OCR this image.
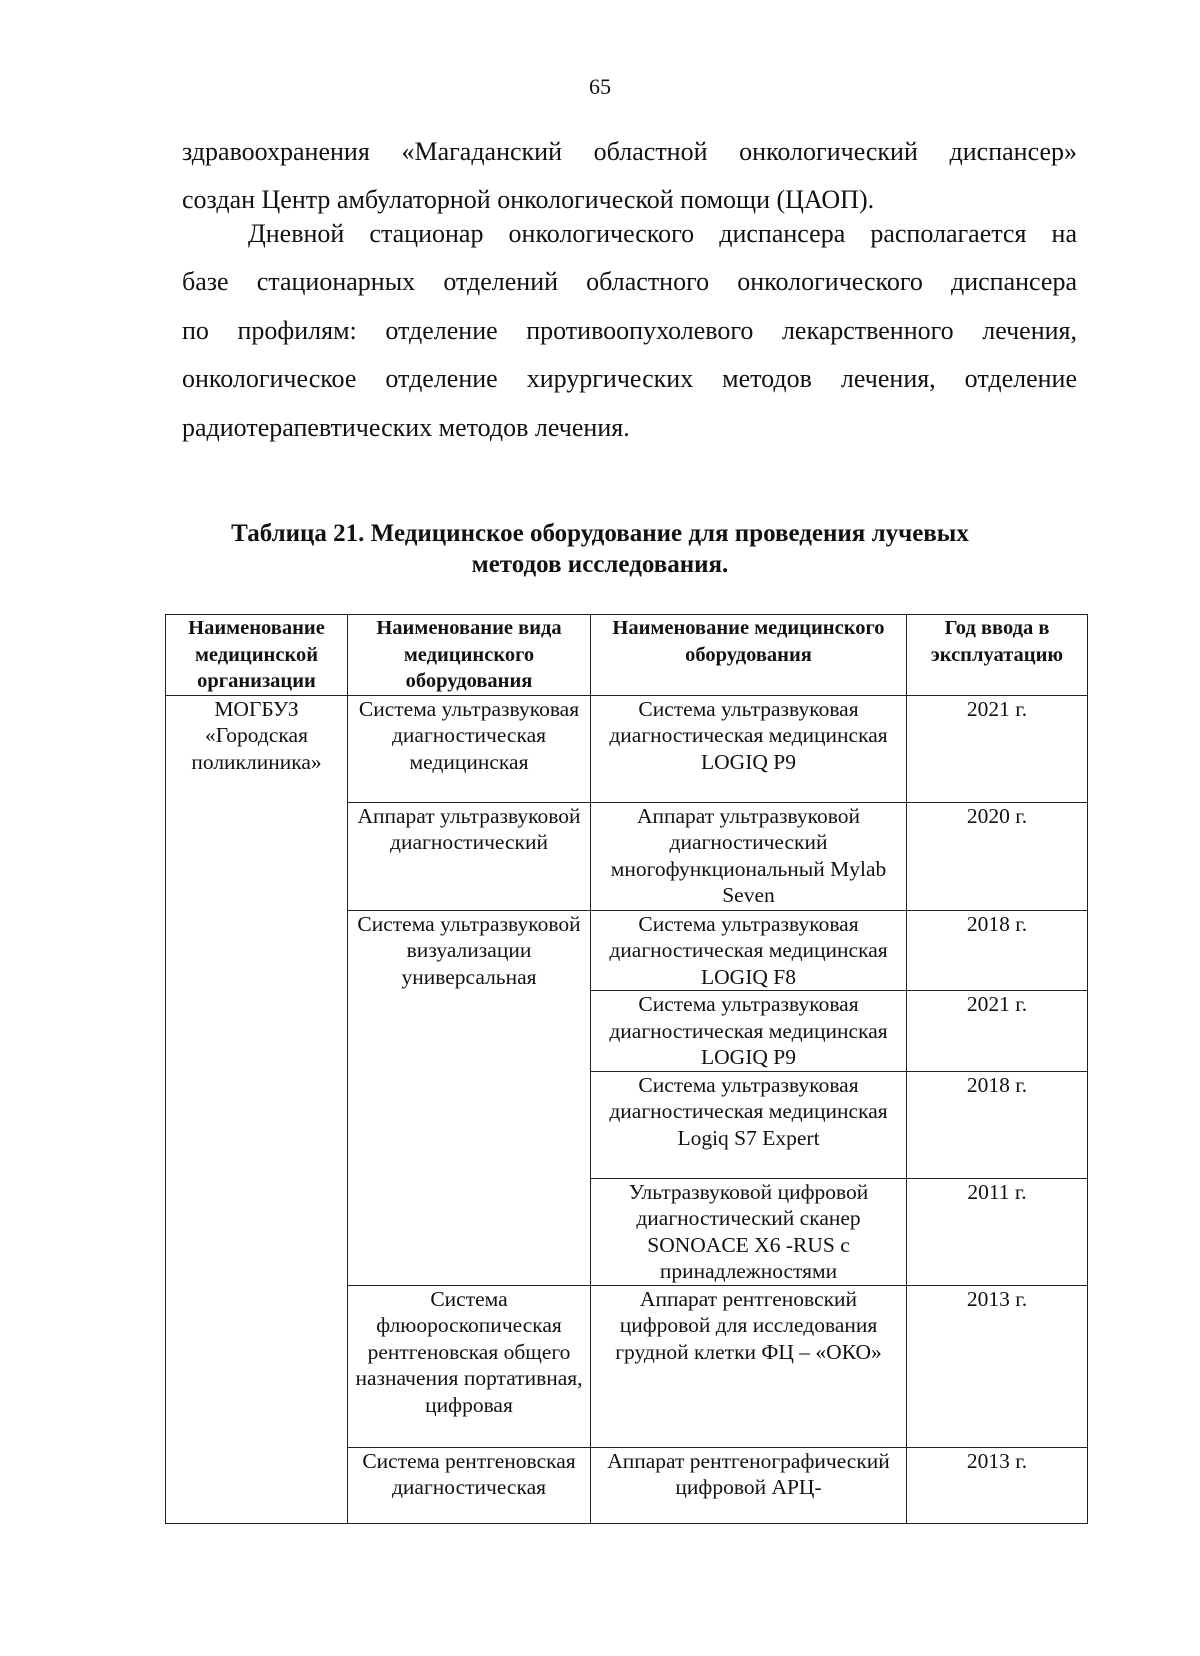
65
здравоохранения «Магаданский областной онкологический диспансер»
создан Центр амбулаторной онкологической помощи (ЦАОП).
Дневной стационар онкологического диспансера располагается на
базе стационарных отделений областного онкологического диспансера
по профилям: отделение противоопухолевого лекарственного лечения,
онкологическое отделение хирургических методов лечения, отделение
радиотерапевтических методов лечения.
Таблица 21. Медицинское оборудование для проведения лучевых
методов исследования.
Наименование медицинской организации	Наименование вида медицинского оборудования	Наименование медицинского оборудования	Год ввода в эксплуатацию
МОГБУЗ «Городская поликлиника»	Система ультразвуковая диагностическая медицинская	Система ультразвуковая диагностическая медицинская LOGIQ P9	2021 г.
	Аппарат ультразвуковой диагностический	Аппарат ультразвуковой диагностический многофункциональный Mylab Seven	2020 г.
	Система ультразвуковой визуализации универсальная	Система ультразвуковая диагностическая медицинская LOGIQ F8	2018 г.
		Система ультразвуковая диагностическая медицинская LOGIQ P9	2021 г.
		Система ультразвуковая диагностическая медицинская Logiq S7 Expert	2018 г.
		Ультразвуковой цифровой диагностический сканер SONOACE X6 -RUS с принадлежностями	2011 г.
	Система флюороскопическая рентгеновская общего назначения портативная, цифровая	Аппарат рентгеновский цифровой для исследования грудной клетки ФЦ – «ОКО»	2013 г.
	Система рентгеновская диагностическая	Аппарат рентгенографический цифровой АРЦ-	2013 г.
